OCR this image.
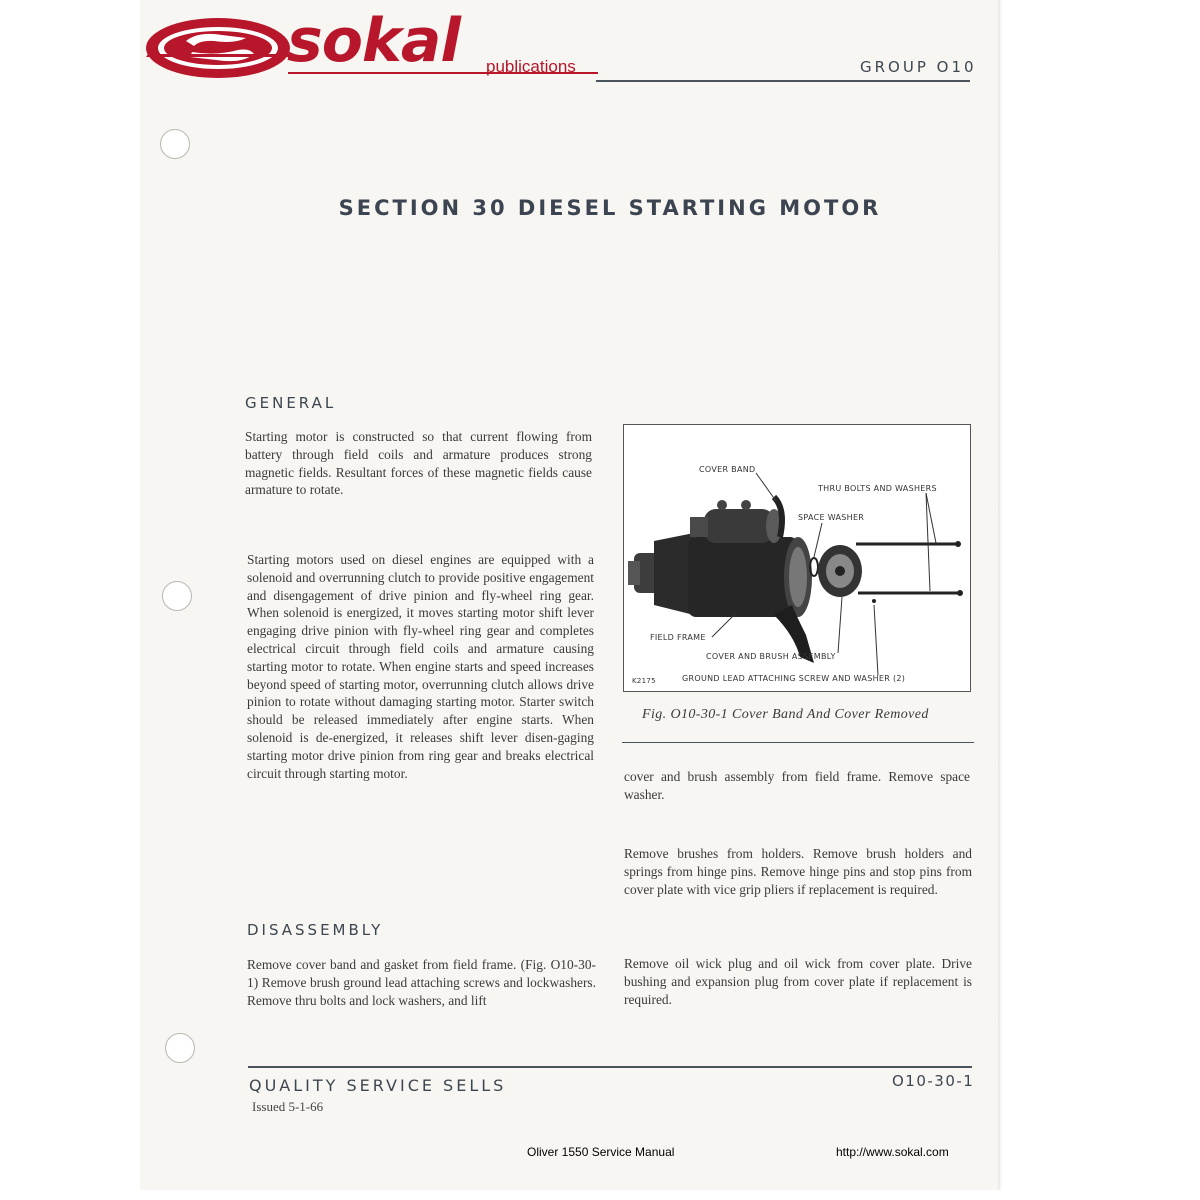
sokal publications	GROUP O10
SECTION 30 DIESEL STARTING MOTOR
GENERAL
Starting motor is constructed so that current flowing from battery through field coils and armature produces strong magnetic fields. Resultant forces of these magnetic fields cause armature to rotate.
Starting motors used on diesel engines are equipped with a solenoid and overrunning clutch to provide positive engagement and disengagement of drive pinion and fly-wheel ring gear. When solenoid is energized, it moves starting motor shift lever engaging drive pinion with fly-wheel ring gear and completes electrical circuit through field coils and armature causing starting motor to rotate. When engine starts and speed increases beyond speed of starting motor, overrunning clutch allows drive pinion to rotate without damaging starting motor. Starter switch should be released immediately after engine starts. When solenoid is de-energized, it releases shift lever disen-gaging starting motor drive pinion from ring gear and breaks electrical circuit through starting motor.
DISASSEMBLY
Remove cover band and gasket from field frame. (Fig. O10-30-1) Remove brush ground lead attaching screws and lockwashers. Remove thru bolts and lock washers, and lift
COVER BAND
THRU BOLTS AND WASHERS
SPACE WASHER
FIELD FRAME
COVER AND BRUSH ASSEMBLY
GROUND LEAD ATTACHING SCREW AND WASHER (2)
K2175
Fig. O10-30-1 Cover Band And Cover Removed
cover and brush assembly from field frame. Remove space washer.
Remove brushes from holders. Remove brush holders and springs from hinge pins. Remove hinge pins and stop pins from cover plate with vice grip pliers if replacement is required.
Remove oil wick plug and oil wick from cover plate. Drive bushing and expansion plug from cover plate if replacement is required.
QUALITY SERVICE SELLS	O10-30-1
Issued 5-1-66
Oliver 1550 Service Manual	http://www.sokal.com
